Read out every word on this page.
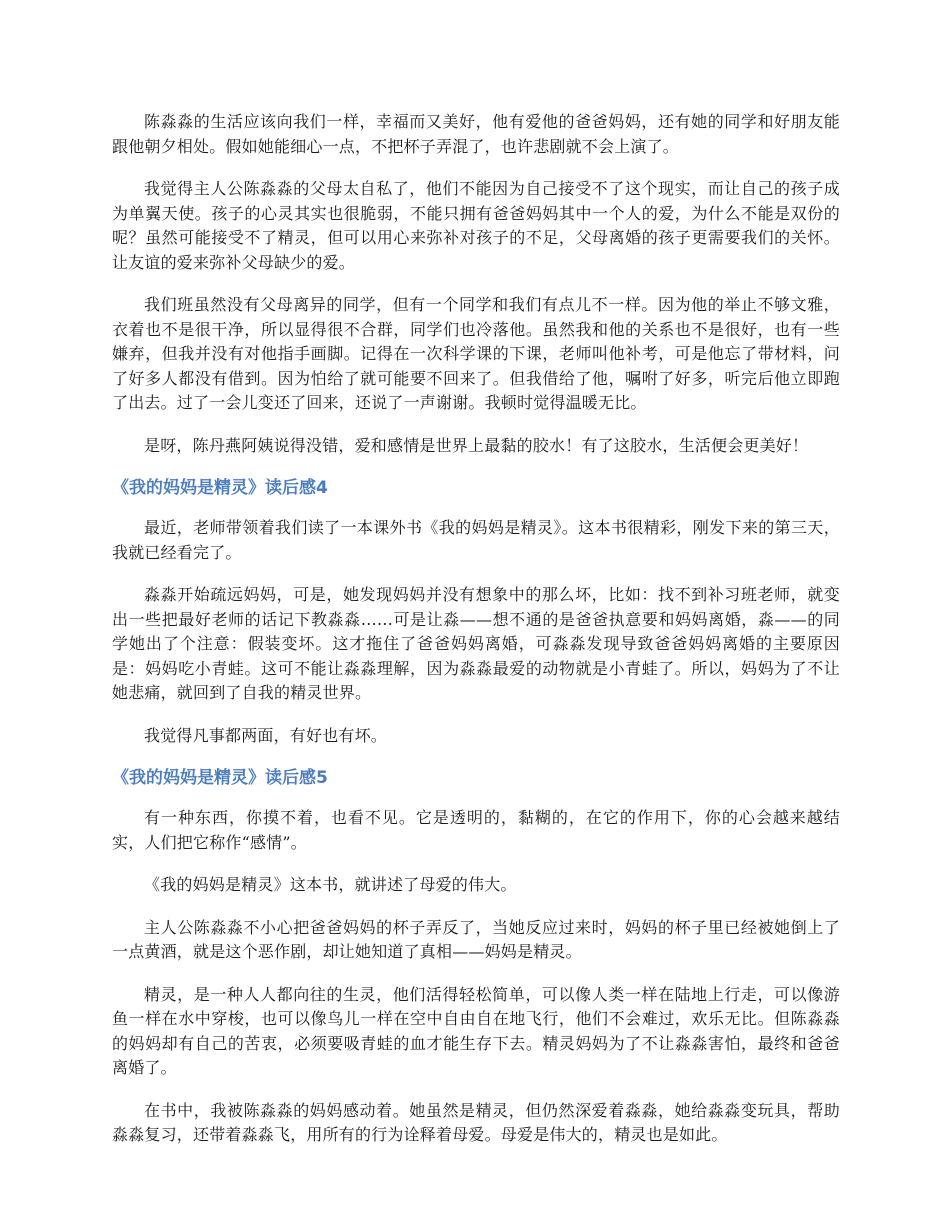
陈淼淼的生活应该向我们一样，幸福而又美好，他有爱他的爸爸妈妈，还有她的同学和好朋友能跟他朝夕相处。假如她能细心一点，不把杯子弄混了，也许悲剧就不会上演了。

我觉得主人公陈淼淼的父母太自私了，他们不能因为自己接受不了这个现实，而让自己的孩子成为单翼天使。孩子的心灵其实也很脆弱，不能只拥有爸爸妈妈其中一个人的爱，为什么不能是双份的呢？虽然可能接受不了精灵，但可以用心来弥补对孩子的不足，父母离婚的孩子更需要我们的关怀。让友谊的爱来弥补父母缺少的爱。

我们班虽然没有父母离异的同学，但有一个同学和我们有点儿不一样。因为他的举止不够文雅，衣着也不是很干净，所以显得很不合群，同学们也冷落他。虽然我和他的关系也不是很好，也有一些嫌弃，但我并没有对他指手画脚。记得在一次科学课的下课，老师叫他补考，可是他忘了带材料，问了好多人都没有借到。因为怕给了就可能要不回来了。但我借给了他，嘱咐了好多，听完后他立即跑了出去。过了一会儿变还了回来，还说了一声谢谢。我顿时觉得温暖无比。

是呀，陈丹燕阿姨说得没错，爱和感情是世界上最黏的胶水！有了这胶水，生活便会更美好！

《我的妈妈是精灵》读后感4

最近，老师带领着我们读了一本课外书《我的妈妈是精灵》。这本书很精彩，刚发下来的第三天，我就已经看完了。

淼淼开始疏远妈妈，可是，她发现妈妈并没有想象中的那么坏，比如：找不到补习班老师，就变出一些把最好老师的话记下教淼淼……可是让淼——想不通的是爸爸执意要和妈妈离婚，淼——的同学她出了个注意：假装变坏。这才拖住了爸爸妈妈离婚，可淼淼发现导致爸爸妈妈离婚的主要原因是：妈妈吃小青蛙。这可不能让淼淼理解，因为淼淼最爱的动物就是小青蛙了。所以，妈妈为了不让她悲痛，就回到了自我的精灵世界。

我觉得凡事都两面，有好也有坏。

《我的妈妈是精灵》读后感5

有一种东西，你摸不着，也看不见。它是透明的，黏糊的，在它的作用下，你的心会越来越结实，人们把它称作“感情”。

《我的妈妈是精灵》这本书，就讲述了母爱的伟大。

主人公陈淼淼不小心把爸爸妈妈的杯子弄反了，当她反应过来时，妈妈的杯子里已经被她倒上了一点黄酒，就是这个恶作剧，却让她知道了真相——妈妈是精灵。

精灵，是一种人人都向往的生灵，他们活得轻松简单，可以像人类一样在陆地上行走，可以像游鱼一样在水中穿梭，也可以像鸟儿一样在空中自由自在地飞行，他们不会难过，欢乐无比。但陈淼淼的妈妈却有自己的苦衷，必须要吸青蛙的血才能生存下去。精灵妈妈为了不让淼淼害怕，最终和爸爸离婚了。

在书中，我被陈淼淼的妈妈感动着。她虽然是精灵，但仍然深爱着淼淼，她给淼淼变玩具，帮助淼淼复习，还带着淼淼飞，用所有的行为诠释着母爱。母爱是伟大的，精灵也是如此。
